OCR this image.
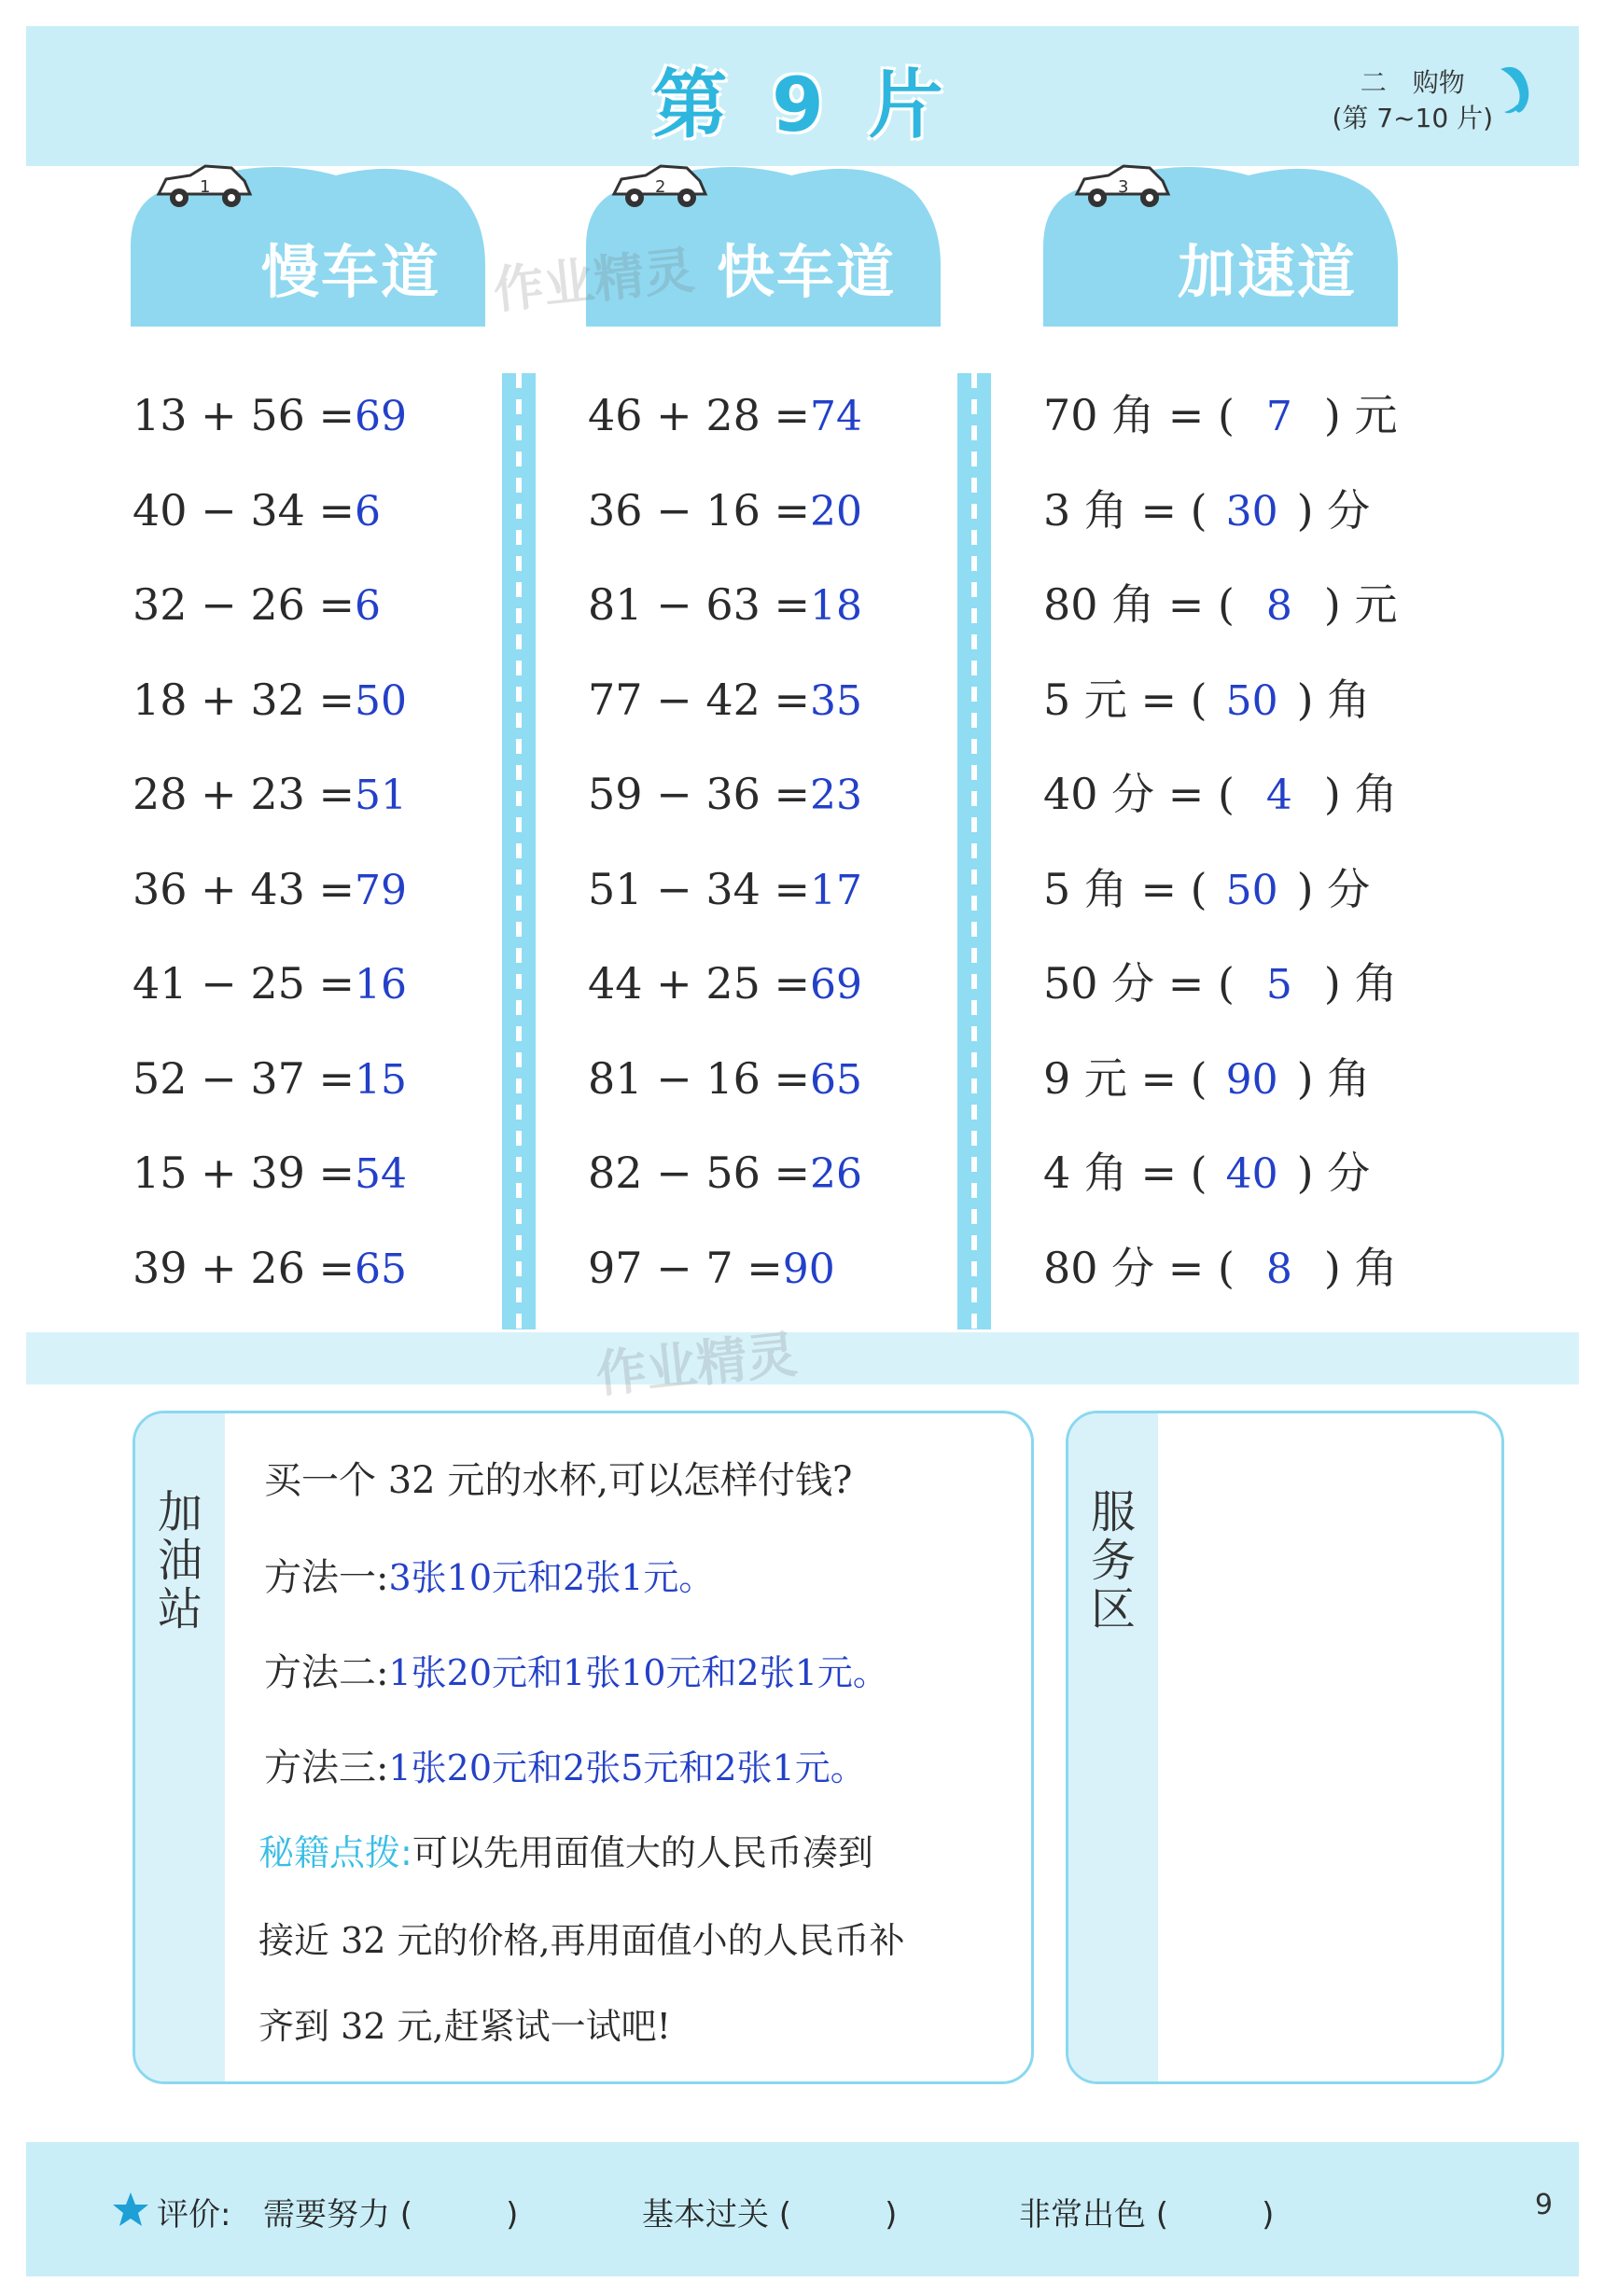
第 9 片	二　购物
(第 7~10 片)
1
慢车道
2
快车道
3
加速道
13 + 56 =69
40 − 34 =6
32 − 26 =6
18 + 32 =50
28 + 23 =51
36 + 43 =79
41 − 25 =16
52 − 37 =15
15 + 39 =54
39 + 26 =65
46 + 28 =74
36 − 16 =20
81 − 63 =18
77 − 42 =35
59 − 36 =23
51 − 34 =17
44 + 25 =69
81 − 16 =65
82 − 56 =26
97 − 7 =90
70 角 = ( 7 ) 元
3 角 = ( 30 ) 分
80 角 = ( 8 ) 元
5 元 = ( 50 ) 角
40 分 = ( 4 ) 角
5 角 = ( 50 ) 分
50 分 = ( 5 ) 角
9 元 = ( 90 ) 角
4 角 = ( 40 ) 分
80 分 = ( 8 ) 角
作业精灵
作业精灵
加油站
买一个 32 元的水杯,可以怎样付钱?
方法一:3张10元和2张1元。
方法二:1张20元和1张10元和2张1元。
方法三:1张20元和2张5元和2张1元。
秘籍点拨:可以先用面值大的人民币凑到
接近 32 元的价格,再用面值小的人民币补
齐到 32 元,赶紧试一试吧!
服务区
评价: 需要努力 (	)	基本过关 (	)	非常出色 (	)	9
